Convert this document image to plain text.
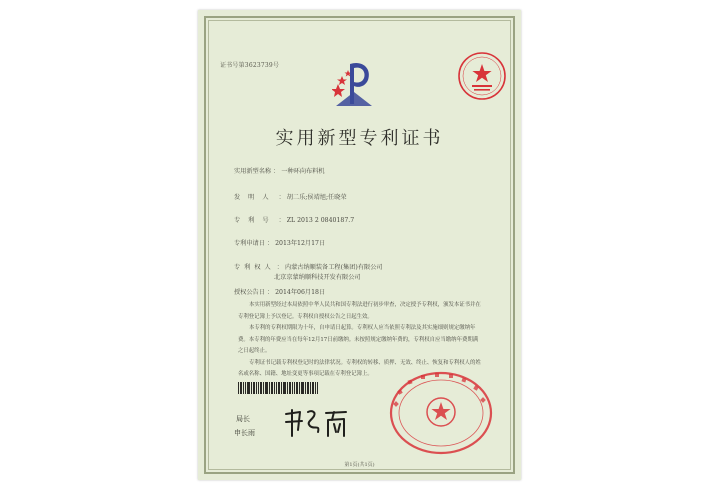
证书号第3623739号
实用新型专利证书
实用新型名称 ： 一种环向布料机
发明人 ： 胡二乐;侯靖旭;任晓荣
专利号 ： ZL 2013 2 0840187.7
专利申请日 ： 2013年12月17日
专利权人 ： 内蒙古纳顺装备工程(集团)有限公司
北京京蒙纳顺科技开发有限公司
授权公告日 ： 2014年06月18日

本实用新型经过本局依照中华人民共和国专利法进行初步审查，决定授予专利权，颁发本证书并在专利登记簿上予以登记。专利权自授权公告之日起生效。

本专利的专利权期限为十年，自申请日起算。专利权人应当依照专利法及其实施细则规定缴纳年费。本专利的年费应当在每年12月17日前缴纳。未按照规定缴纳年费的，专利权自应当缴纳年费期满之日起终止。

专利证书记载专利权登记时的法律状况。专利权的转移、质押、无效、终止、恢复和专利权人的姓名或名称、国籍、地址变更等事项记载在专利登记簿上。

局长
申长雨
第1页(共1页)
